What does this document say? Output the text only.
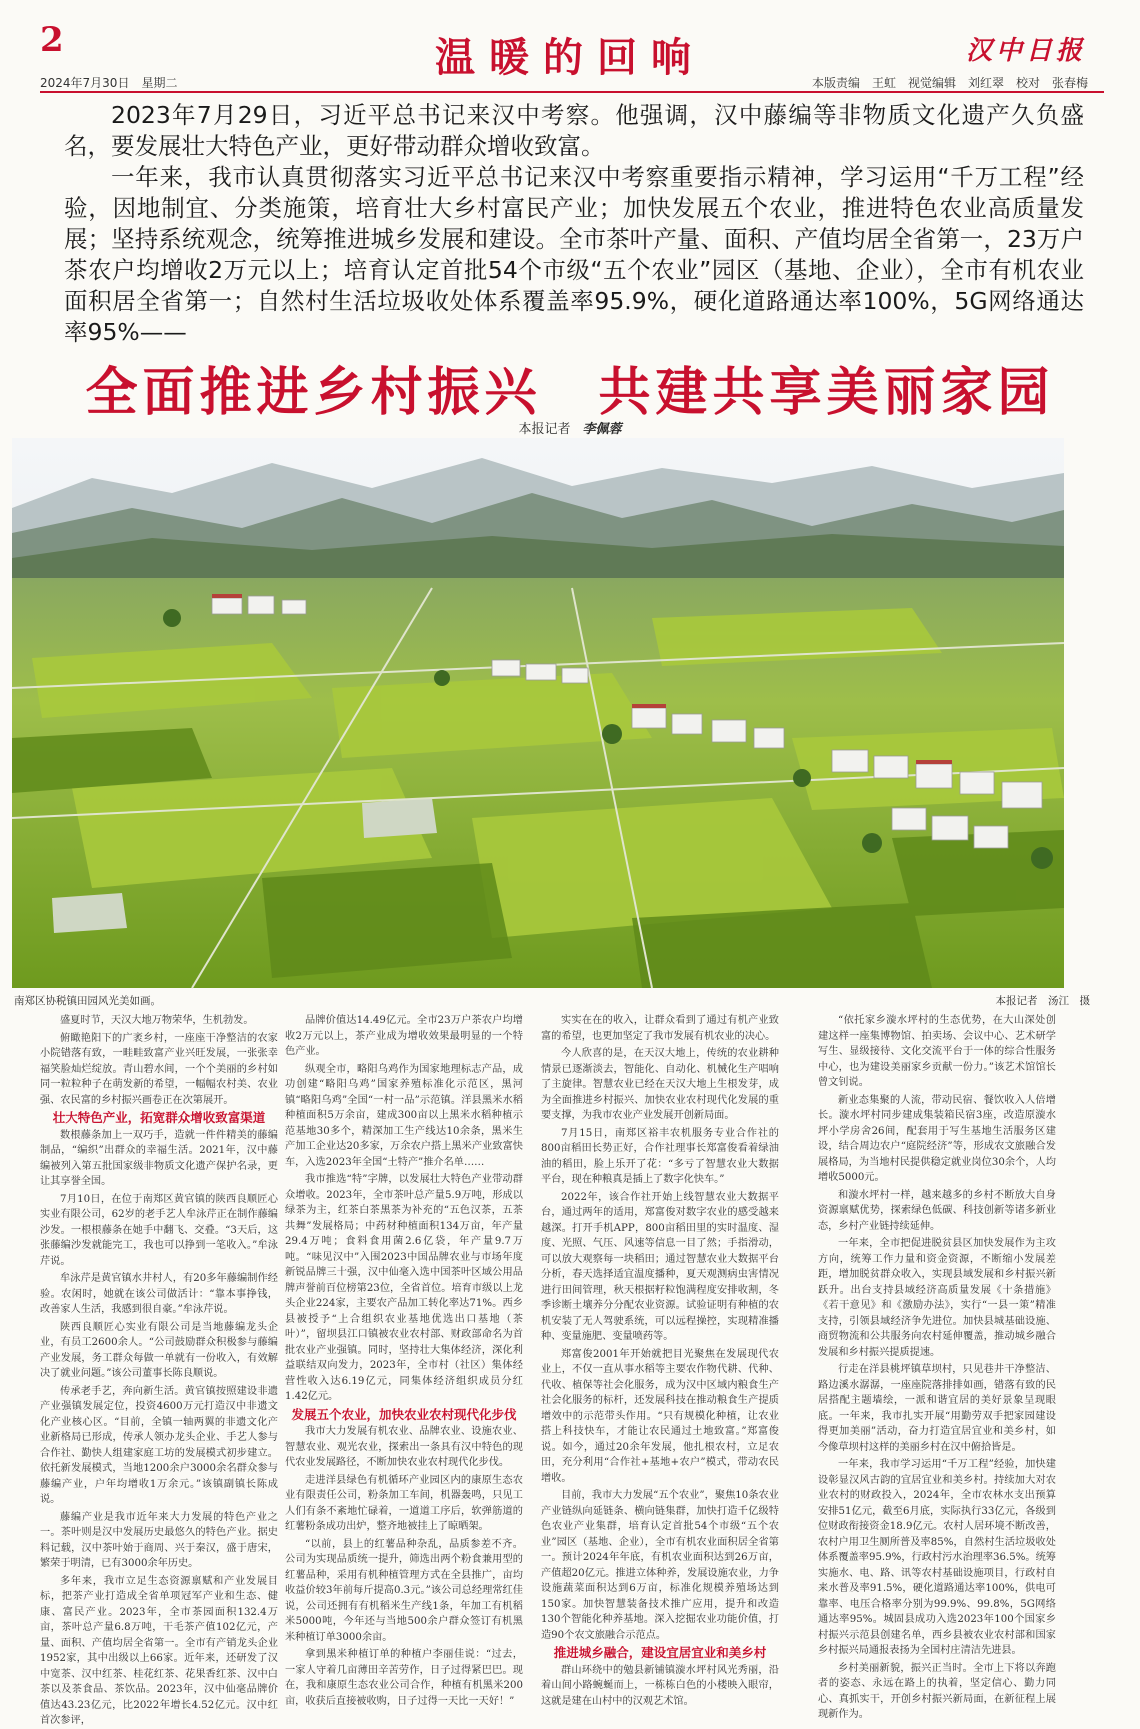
2	温暖的回响	汉中日报
2024年7月30日　星期二	本版责编　王虹　视觉编辑　刘红翠　校对　张春梅

2023年7月29日，习近平总书记来汉中考察。他强调，汉中藤编等非物质文化遗产久负盛名，要发展壮大特色产业，更好带动群众增收致富。

一年来，我市认真贯彻落实习近平总书记来汉中考察重要指示精神，学习运用“千万工程”经验，因地制宜、分类施策，培育壮大乡村富民产业；加快发展五个农业，推进特色农业高质量发展；坚持系统观念，统筹推进城乡发展和建设。全市茶叶产量、面积、产值均居全省第一，23万户茶农户均增收2万元以上；培育认定首批54个市级“五个农业”园区（基地、企业），全市有机农业面积居全省第一；自然村生活垃圾收处体系覆盖率95.9%，硬化道路通达率100%，5G网络通达率95%——

全面推进乡村振兴　共建共享美丽家园
本报记者 李佩蓉
南郑区协税镇田园风光美如画。	本报记者　汤江　摄

盛夏时节，天汉大地万物荣华，生机勃发。

俯瞰艳阳下的广袤乡村，一座座干净整洁的农家小院错落有致，一畦畦致富产业兴旺发展，一张张幸福笑脸灿烂绽放。青山碧水间，一个个美丽的乡村如同一粒粒种子在萌发新的希望，一幅幅农村美、农业强、农民富的乡村振兴画卷正在次第展开。

壮大特色产业，拓宽群众增收致富渠道

数根藤条加上一双巧手，造就一件件精美的藤编制品，“编织”出群众的幸福生活。2021年，汉中藤编被列入第五批国家级非物质文化遗产保护名录，更让其享誉全国。

7月10日，在位于南郑区黄官镇的陕西良顺匠心实业有限公司，62岁的老手艺人牟泳芹正在制作藤编沙发。一根根藤条在她手中翻飞、交叠。“3天后，这张藤编沙发就能完工，我也可以挣到一笔收入。”牟泳芹说。

牟泳芹是黄官镇水井村人，有20多年藤编制作经验。农闲时，她就在该公司做活计：“靠本事挣钱，改善家人生活，我感到很自豪。”牟泳芹说。

陕西良顺匠心实业有限公司是当地藤编龙头企业，有员工2600余人。“公司鼓励群众积极参与藤编产业发展，务工群众每做一单就有一份收入，有效解决了就业问题。”该公司董事长陈良顺说。

传承老手艺，奔向新生活。黄官镇按照建设非遗产业强镇发展定位，投资4600万元打造汉中非遗文化产业核心区。“目前，全镇一轴两翼的非遗文化产业新格局已形成，传承人领办龙头企业、手艺人参与合作社、勤快人组建家庭工坊的发展模式初步建立。依托新发展模式，当地1200余户3000余名群众参与藤编产业，户年均增收1万余元。”该镇副镇长陈成说。

藤编产业是我市近年来大力发展的特色产业之一。茶叶则是汉中发展历史最悠久的特色产业。据史料记载，汉中茶叶始于商周、兴于秦汉，盛于唐宋，繁荣于明清，已有3000余年历史。

多年来，我市立足生态资源禀赋和产业发展目标，把茶产业打造成全省单项冠军产业和生态、健康、富民产业。2023年，全市茶园面积132.4万亩，茶叶总产量6.8万吨，干毛茶产值102亿元，产量、面积、产值均居全省第一。全市有产销龙头企业1952家，其中出级以上66家。近年来，还研发了汉中宽茶、汉中红茶、桂花红茶、花果香红茶、汉中白茶以及茶食品、茶饮品。2023年，汉中仙毫品牌价值达43.23亿元，比2022年增长4.52亿元。汉中红首次参评，

品牌价值达14.49亿元。全市23万户茶农户均增收2万元以上，茶产业成为增收效果最明显的一个特色产业。

纵观全市，略阳乌鸡作为国家地理标志产品，成功创建“略阳乌鸡”国家养殖标准化示范区，黑河镇“略阳乌鸡”全国“一村一品”示范镇。洋县黑米水稻种植面积5万余亩，建成300亩以上黑米水稻种植示范基地30多个，精深加工生产线达10余条，黑米生产加工企业达20多家，万余农户搭上黑米产业致富快车，入选2023年全国“土特产”推介名单……

我市推选“特”字牌，以发展壮大特色产业带动群众增收。2023年，全市茶叶总产量5.9万吨，形成以绿茶为主，红茶白茶黑茶为补充的“五色汉茶，五茶共舞”发展格局；中药材种植面积134万亩，年产量29.4万吨；食料食用菌2.6亿袋，年产量9.7万吨。“味见汉中”入围2023中国品牌农业与市场年度新锐品牌三十强，汉中仙毫入选中国茶叶区域公用品牌声誉前百位榜第23位，全省首位。培育市级以上龙头企业224家，主要农产品加工转化率达71%。西乡县被授予“上合组织农业基地优选出口基地（茶叶）”，留坝县江口镇被农业农村部、财政部命名为首批农业产业强镇。同时，坚持壮大集体经济，深化利益联结双向发力，2023年，全市村（社区）集体经营性收入达6.19亿元，同集体经济组织成员分红1.42亿元。

发展五个农业，加快农业农村现代化步伐

我市大力发展有机农业、品牌农业、设施农业、智慧农业、观光农业，探索出一条具有汉中特色的现代农业发展路径，不断加快农业农村现代化步伐。

走进洋县绿色有机循环产业园区内的康原生态农业有限责任公司，粉条加工车间，机器轰鸣，只见工人们有条不紊地忙碌着，一道道工序后，软弹筋道的红薯粉条成功出炉，整齐地被挂上了晾晒架。

“以前，县上的红薯品种杂乱，品质参差不齐。公司为实现品质统一提升，筛选出两个粉食兼用型的红薯品种，采用有机种植管理方式在全县推广，亩均收益价较3年前每斤提高0.3元。”该公司总经理常红佳说，公司还拥有有机稻米生产线1条，年加工有机稻米5000吨，今年还与当地500余户群众签订有机黑米种植订单3000余亩。

拿到黑米种植订单的种植户李丽佳说：“过去，一家人守着几亩薄田辛苦劳作，日子过得紧巴巴。现在，我和康原生态农业公司合作，种植有机黑米200亩，收获后直接被收购，日子过得一天比一天好！”

实实在在的收入，让群众看到了通过有机产业致富的希望，也更加坚定了我市发展有机农业的决心。

今人欣喜的是，在天汉大地上，传统的农业耕种情景已逐渐淡去，智能化、自动化、机械化生产唱响了主旋律。智慧农业已经在天汉大地上生根发芽，成为全面推进乡村振兴、加快农业农村现代化发展的重要支撑，为我市农业产业发展开创新局面。

7月15日，南郑区裕丰农机服务专业合作社的800亩稻田长势正好，合作社理事长郑富俊看着绿油油的稻田，脸上乐开了花：“多亏了智慧农业大数据平台，现在种粮真是插上了数字化快车。”

2022年，该合作社开始上线智慧农业大数据平台，通过两年的适用，郑富俊对数字农业的感受越来越深。打开手机APP，800亩稻田里的实时温度、湿度、光照、气压、风速等信息一目了然；手指滑动，可以放大观察每一块稻田；通过智慧农业大数据平台分析，春天选择适宜温度播种，夏天观测病虫害情况进行田间管理，秋天根据籽粒饱满程度安排收割，冬季诊断土壤养分分配农业资源。试验证明有种植的农机安装了无人驾驶系统，可以远程操控，实现精准播种、变量施肥、变量喷药等。

郑富俊2001年开始就把目光聚焦在发展现代农业上，不仅一直从事水稻等主要农作物代耕、代种、代收、植保等社会化服务，成为汉中区域内粮食生产社会化服务的标杆，还发展科技在推动粮食生产提质增效中的示范带头作用。“只有规模化种植，让农业搭上科技快车，才能让农民通过土地致富。”郑富俊说。如今，通过20余年发展，他扎根农村，立足农田，充分利用“合作社+基地+农户”模式，带动农民增收。

目前，我市大力发展“五个农业”，聚焦10条农业产业链纵向延链条、横向链集群，加快打造千亿级特色农业产业集群，培育认定首批54个市级“五个农业”园区（基地、企业），全市有机农业面积居全省第一。预计2024年年底，有机农业面积达到26万亩，产值超20亿元。推进立体种养，发展设施农业，力争设施蔬菜面积达到6万亩，标准化规模养殖场达到150家。加快智慧装备技术推广应用，提升和改造130个智能化种养基地。深入挖掘农业功能价值，打造90个农文旅融合示范点。

推进城乡融合，建设宜居宜业和美乡村

群山环绕中的勉县新铺镇漩水坪村风光秀丽，沿着山间小路蜿蜒而上，一栋栋白色的小楼映入眼帘，这就是建在山村中的汉观艺术馆。

“依托家乡漩水坪村的生态优势，在大山深处创建这样一座集博物馆、拍卖场、会议中心、艺术研学写生、显级接待、文化交流平台于一体的综合性服务中心，也为建设美丽家乡贡献一份力。”该艺术馆馆长曾文钊说。

新业态集聚的人流，带动民宿、餐饮收入人倍增长。漩水坪村同步建成集装箱民宿3座，改造原漩水坪小学房舍26间，配套用于写生基地生活服务区建设，结合周边农户“庭院经济”等，形成农文旅融合发展格局，为当地村民提供稳定就业岗位30余个，人均增收5000元。

和漩水坪村一样，越来越多的乡村不断放大自身资源禀赋优势，探索绿色低碳、科技创新等诸多新业态，乡村产业链持续延伸。

一年来，全市把促进脱贫县区加快发展作为主攻方向，统筹工作力量和资金资源，不断缩小发展差距，增加脱贫群众收入，实现县域发展和乡村振兴新跃升。出台支持县域经济高质量发展《十条措施》《若干意见》和《激励办法》，实行“一县一策”精准支持，引领县域经济争先进位。加快县城基础设施、商贸物流和公共服务向农村延伸覆盖，推动城乡融合发展和乡村振兴提质提速。

行走在洋县桃坪镇草坝村，只见巷井干净整洁、路边溪水潺潺，一座座院落排排如画，错落有致的民居搭配主题墙绘，一派和谐宜居的美好景象呈现眼底。一年来，我市扎实开展“用勤劳双手把家园建设得更加美丽”活动，奋力打造宜居宜业和美乡村，如今像草坝村这样的美丽乡村在汉中俯拾皆是。

一年来，我市学习运用“千万工程”经验，加快建设彰显汉风古韵的宜居宜业和美乡村。持续加大对农业农村的财政投入，2024年，全市农林水支出预算安排51亿元，截至6月底，实际执行33亿元，各级到位财政衔接资金18.9亿元。农村人居环境不断改善，农村户用卫生厕所普及率85%，自然村生活垃圾收处体系覆盖率95.9%，行政村污水治理率36.5%。统筹实施水、电、路、讯等农村基础设施项目，行政村自来水普及率91.5%，硬化道路通达率100%，供电可靠率、电压合格率分别为99.9%、99.8%，5G网络通达率95%。城固县成功入选2023年100个国家乡村振兴示范县创建名单，西乡县被农业农村部和国家乡村振兴局通报表扬为全国村庄清洁先进县。

乡村美丽新貌，振兴正当时。全市上下将以奔跑者的姿态、永远在路上的执着，坚定信心、勤力同心、真抓实干，开创乡村振兴新局面，在新征程上展现新作为。
